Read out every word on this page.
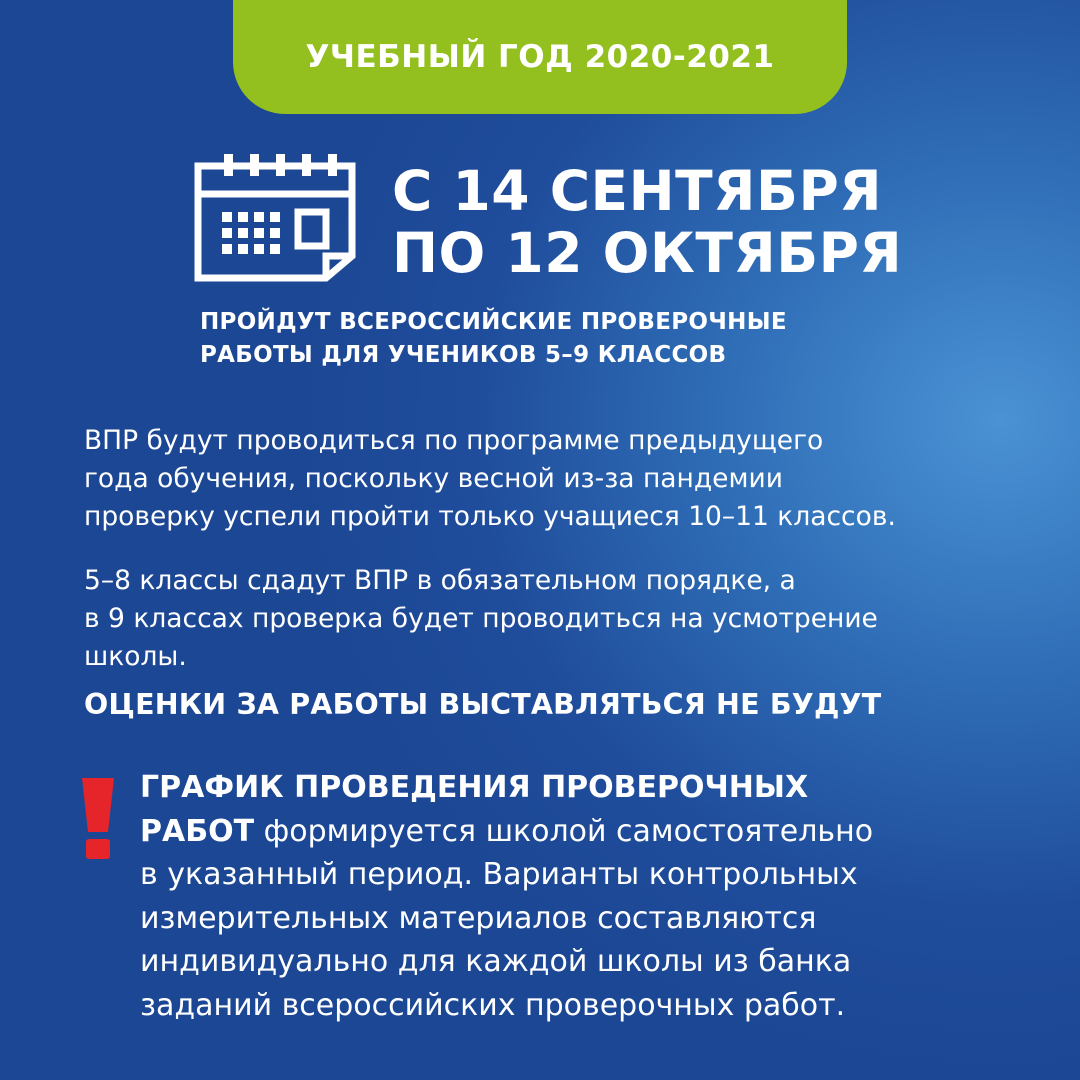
УЧЕБНЫЙ ГОД 2020-2021
С 14 СЕНТЯБРЯ
ПО 12 ОКТЯБРЯ
ПРОЙДУТ ВСЕРОССИЙСКИЕ ПРОВЕРОЧНЫЕ
РАБОТЫ ДЛЯ УЧЕНИКОВ 5–9 КЛАССОВ
ВПР будут проводиться по программе предыдущего
года обучения, поскольку весной из-за пандемии
проверку успели пройти только учащиеся 10–11 классов.
5–8 классы сдадут ВПР в обязательном порядке, а
в 9 классах проверка будет проводиться на усмотрение
школы.
ОЦЕНКИ ЗА РАБОТЫ ВЫСТАВЛЯТЬСЯ НЕ БУДУТ
ГРАФИК ПРОВЕДЕНИЯ ПРОВЕРОЧНЫХ
РАБОТ формируется школой самостоятельно
в указанный период. Варианты контрольных
измерительных материалов составляются
индивидуально для каждой школы из банка
заданий всероссийских проверочных работ.
